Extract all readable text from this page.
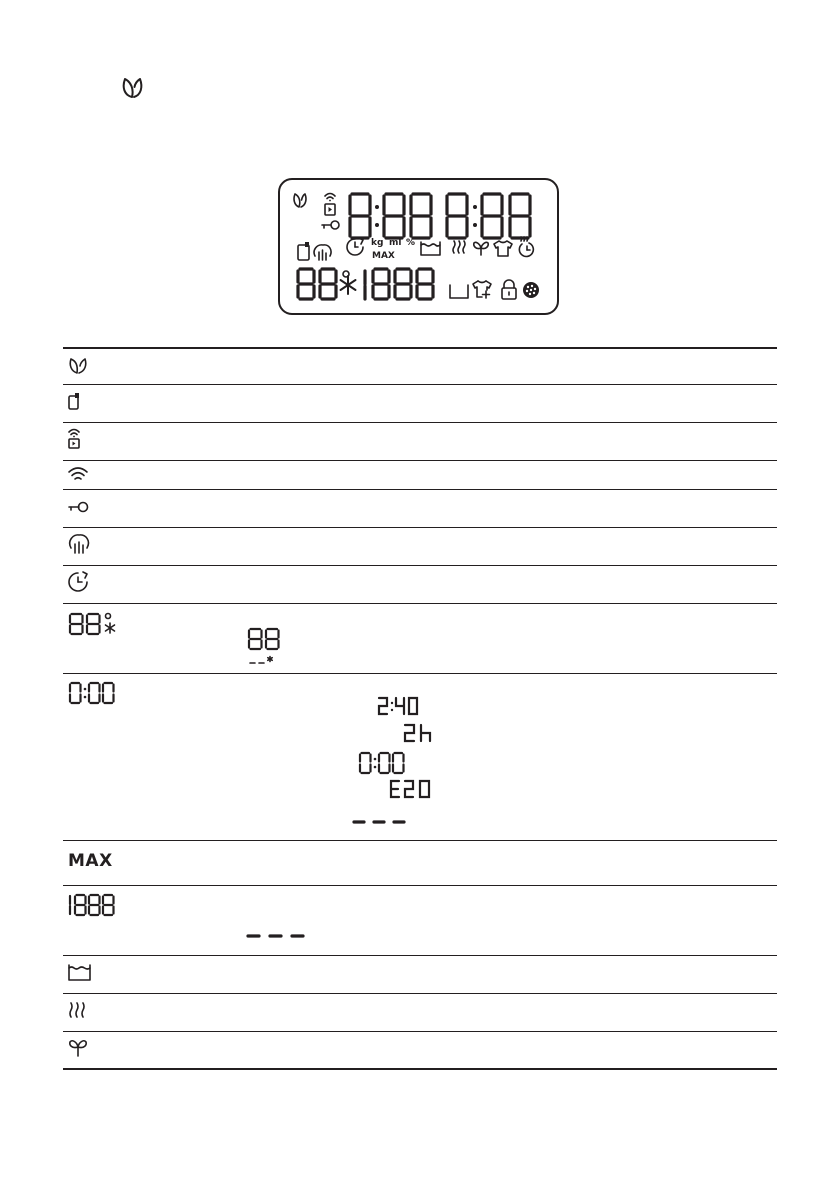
kg ml %
MAX
MAX
